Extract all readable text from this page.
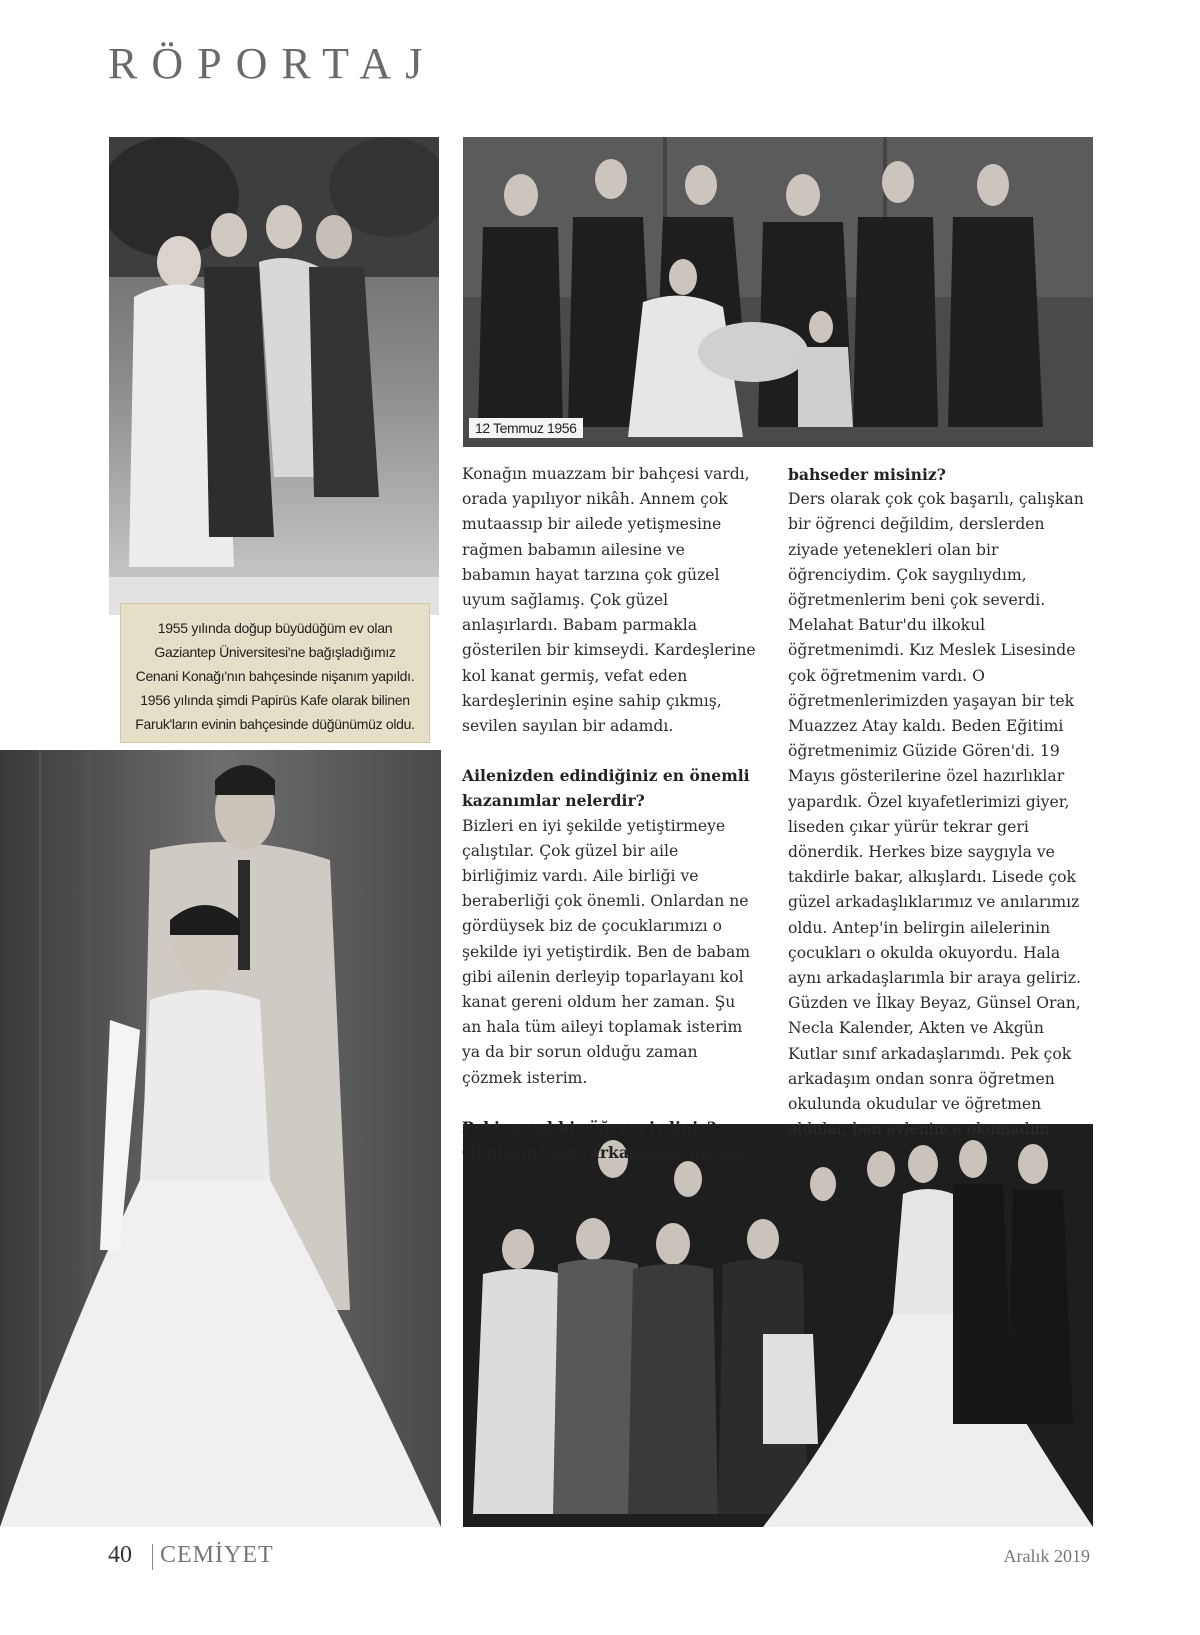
RÖPORTAJ
1955 yılında doğup büyüdüğüm ev olan Gaziantep Üniversitesi'ne bağışladığımız Cenani Konağı'nın bahçesinde nişanım yapıldı. 1956 yılında şimdi Papirüs Kafe olarak bilinen Faruk'ların evinin bahçesinde düğünümüz oldu.
12 Temmuz 1956

Konağın muazzam bir bahçesi vardı, orada yapılıyor nikâh. Annem çok mutaassıp bir ailede yetişmesine rağmen babamın ailesine ve babamın hayat tarzına çok güzel uyum sağlamış. Çok güzel anlaşırlardı. Babam parmakla gösterilen bir kimseydi. Kardeşlerine kol kanat germiş, vefat eden kardeşlerinin eşine sahip çıkmış, sevilen sayılan bir adamdı.

Ailenizden edindiğiniz en önemli kazanımlar nelerdir?

Bizleri en iyi şekilde yetiştirmeye çalıştılar. Çok güzel bir aile birliğimiz vardı. Aile birliği ve beraberliği çok önemli. Onlardan ne gördüysek biz de çocuklarımızı o şekilde iyi yetiştirdik. Ben de babam gibi ailenin derleyip toparlayanı kol kanat gereni oldum her zaman. Şu an hala tüm aileyi toplamak isterim ya da bir sorun olduğu zaman çözmek isterim.

Peki, nasıl bir öğrenciydiniz? Okulunuzdan, arkadaşlarınızdan
bahseder misiniz?

Ders olarak çok çok başarılı, çalışkan bir öğrenci değildim, derslerden ziyade yetenekleri olan bir öğrenciydim. Çok saygılıydım, öğretmenlerim beni çok severdi. Melahat Batur'du ilkokul öğretmenimdi. Kız Meslek Lisesinde çok öğretmenim vardı. O öğretmenlerimizden yaşayan bir tek Muazzez Atay kaldı. Beden Eğitimi öğretmenimiz Güzide Gören'di. 19 Mayıs gösterilerine özel hazırlıklar yapardık. Özel kıyafetlerimizi giyer, liseden çıkar yürür tekrar geri dönerdik. Herkes bize saygıyla ve takdirle bakar, alkışlardı. Lisede çok güzel arkadaşlıklarımız ve anılarımız oldu. Antep'in belirgin ailelerinin çocukları o okulda okuyordu. Hala aynı arkadaşlarımla bir araya geliriz. Güzden ve İlkay Beyaz, Günsel Oran, Necla Kalender, Akten ve Akgün Kutlar sınıf arkadaşlarımdı. Pek çok arkadaşım ondan sonra öğretmen okulunda okudular ve öğretmen oldular, ben evlenince okumadım.

40 CEMİYET	Aralık 2019
